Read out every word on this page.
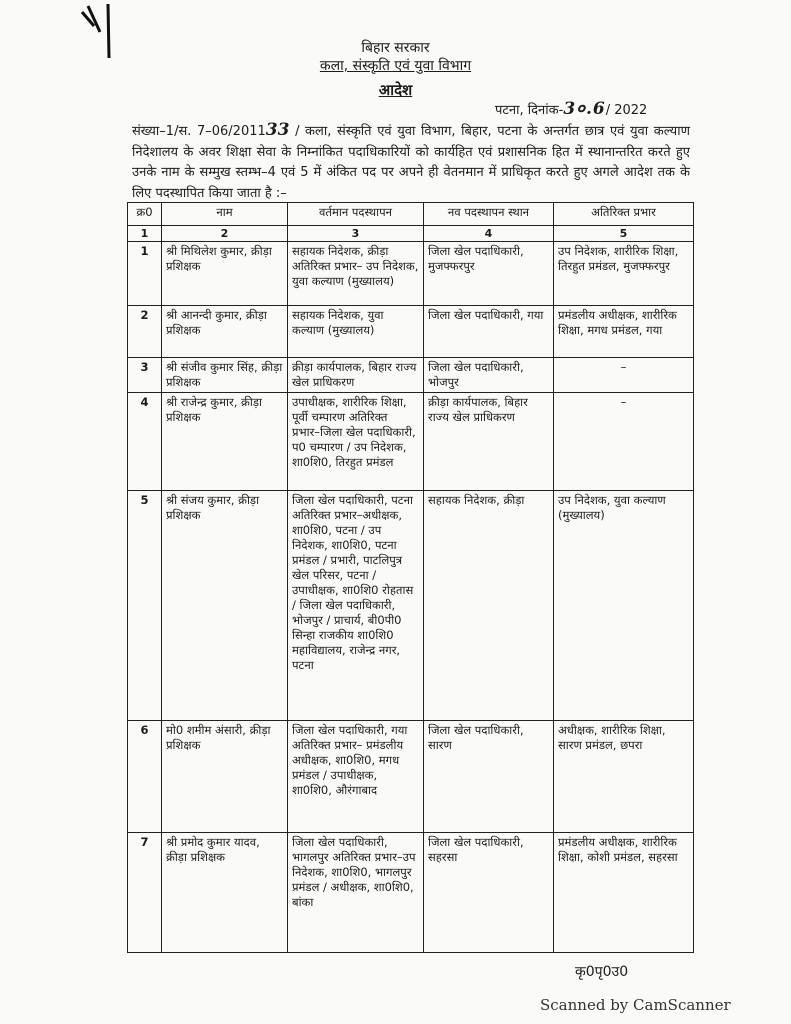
बिहार सरकार
कला, संस्कृति एवं युवा विभाग
आदेश
पटना, दिनांक-3०.6/ 2022
संख्या–1/स. 7–06/201133 / कला, संस्कृति एवं युवा विभाग, बिहार, पटना के अन्तर्गत छात्र एवं युवा कल्याण निदेशालय के अवर शिक्षा सेवा के निम्नांकित पदाधिकारियों को कार्यहित एवं प्रशासनिक हित में स्थानान्तरित करते हुए उनके नाम के सम्मुख स्तम्भ–4 एवं 5 में अंकित पद पर अपने ही वेतनमान में प्राधिकृत करते हुए अगले आदेश तक के लिए पदस्थापित किया जाता है :–
क्र0	नाम	वर्तमान पदस्थापन	नव पदस्थापन स्थान	अतिरिक्त प्रभार
1	2	3	4	5
1	श्री मिथिलेश कुमार, क्रीड़ा प्रशिक्षक	सहायक निदेशक, क्रीड़ा अतिरिक्त प्रभार– उप निदेशक, युवा कल्याण (मुख्यालय)	जिला खेल पदाधिकारी, मुजफ्फरपुर	उप निदेशक, शारीरिक शिक्षा, तिरहुत प्रमंडल, मुजफ्फरपुर
2	श्री आनन्दी कुमार, क्रीड़ा प्रशिक्षक	सहायक निदेशक, युवा कल्याण (मुख्यालय)	जिला खेल पदाधिकारी, गया	प्रमंडलीय अधीक्षक, शारीरिक शिक्षा, मगध प्रमंडल, गया
3	श्री संजीव कुमार सिंह, क्रीड़ा प्रशिक्षक	क्रीड़ा कार्यपालक, बिहार राज्य खेल प्राधिकरण	जिला खेल पदाधिकारी, भोजपुर	–
4	श्री राजेन्द्र कुमार, क्रीड़ा प्रशिक्षक	उपाधीक्षक, शारीरिक शिक्षा, पूर्वी चम्पारण अतिरिक्त प्रभार–जिला खेल पदाधिकारी, प0 चम्पारण / उप निदेशक, शा0शि0, तिरहुत प्रमंडल	क्रीड़ा कार्यपालक, बिहार राज्य खेल प्राधिकरण	–
5	श्री संजय कुमार, क्रीड़ा प्रशिक्षक	जिला खेल पदाधिकारी, पटना अतिरिक्त प्रभार–अधीक्षक, शा0शि0, पटना / उप निदेशक, शा0शि0, पटना प्रमंडल / प्रभारी, पाटलिपुत्र खेल परिसर, पटना / उपाधीक्षक, शा0शि0 रोहतास / जिला खेल पदाधिकारी, भोजपुर / प्राचार्य, बी0पी0 सिन्हा राजकीय शा0शि0 महाविद्यालय, राजेन्द्र नगर, पटना	सहायक निदेशक, क्रीड़ा	उप निदेशक, युवा कल्याण (मुख्यालय)
6	मो0 शमीम अंसारी, क्रीड़ा प्रशिक्षक	जिला खेल पदाधिकारी, गया अतिरिक्त प्रभार– प्रमंडलीय अधीक्षक, शा0शि0, मगध प्रमंडल / उपाधीक्षक, शा0शि0, औरंगाबाद	जिला खेल पदाधिकारी, सारण	अधीक्षक, शारीरिक शिक्षा, सारण प्रमंडल, छपरा
7	श्री प्रमोद कुमार यादव, क्रीड़ा प्रशिक्षक	जिला खेल पदाधिकारी, भागलपुर अतिरिक्त प्रभार–उप निदेशक, शा0शि0, भागलपुर प्रमंडल / अधीक्षक, शा0शि0, बांका	जिला खेल पदाधिकारी, सहरसा	प्रमंडलीय अधीक्षक, शारीरिक शिक्षा, कोशी प्रमंडल, सहरसा
कृ0पृ0उ0
Scanned by CamScanner
